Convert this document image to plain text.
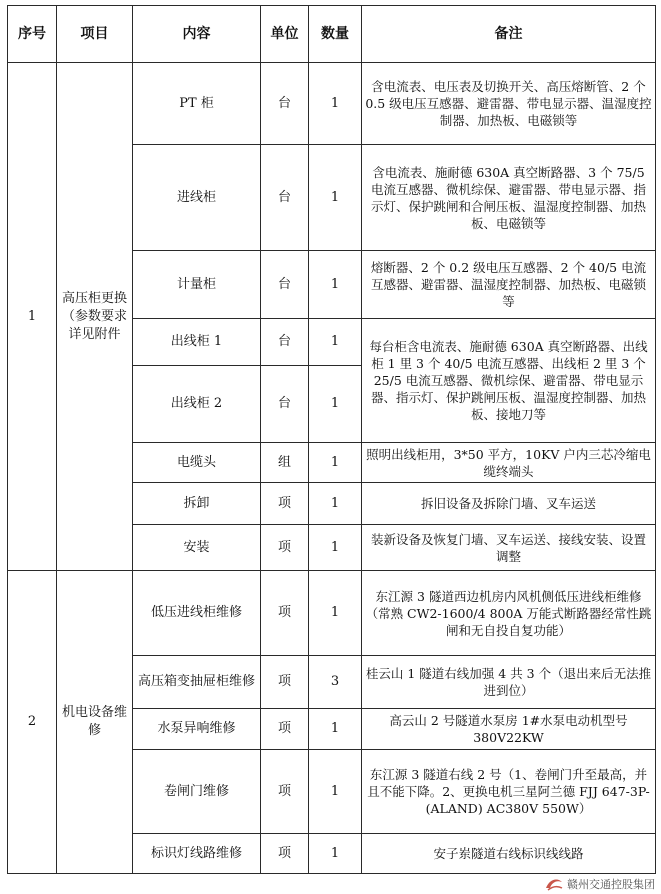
序号	项目	内容	单位	数量	备注
1	高压柜更换（参数要求详见附件	PT 柜	台	1	含电流表、电压表及切换开关、高压熔断管、2 个 0.5 级电压互感器、避雷器、带电显示器、温湿度控制器、加热板、电磁锁等
		进线柜	台	1	含电流表、施耐德 630A 真空断路器、3 个 75/5 电流互感器、微机综保、避雷器、带电显示器、指示灯、保护跳闸和合闸压板、温湿度控制器、加热板、电磁锁等
		计量柜	台	1	熔断器、2 个 0.2 级电压互感器、2 个 40/5 电流互感器、避雷器、温湿度控制器、加热板、电磁锁等
		出线柜 1	台	1	每台柜含电流表、施耐德 630A 真空断路器、出线柜 1 里 3 个 40/5 电流互感器、出线柜 2 里 3 个 25/5 电流互感器、微机综保、避雷器、带电显示器、指示灯、保护跳闸压板、温湿度控制器、加热板、接地刀等
		出线柜 2	台	1	
		电缆头	组	1	照明出线柜用，3*50 平方，10KV 户内三芯冷缩电缆终端头
		拆卸	项	1	拆旧设备及拆除门墙、叉车运送
		安装	项	1	装新设备及恢复门墙、叉车运送、接线安装、设置调整
2	机电设备维修	低压进线柜维修	项	1	东江源 3 隧道西边机房内风机侧低压进线柜维修（常熟 CW2-1600/4 800A 万能式断路器经常性跳闸和无自投自复功能）
		高压箱变抽屉柜维修	项	3	桂云山 1 隧道右线加强 4 共 3 个（退出来后无法推进到位）
		水泵异响维修	项	1	高云山 2 号隧道水泵房 1#水泵电动机型号 380V22KW
		卷闸门维修	项	1	东江源 3 隧道右线 2 号（1、卷闸门升至最高，并且不能下降。2、更换电机三星阿兰德 FJJ 647-3P-(ALAND) AC380V 550W）
		标识灯线路维修	项	1	安子岽隧道右线标识线线路
赣州交通控股集团
